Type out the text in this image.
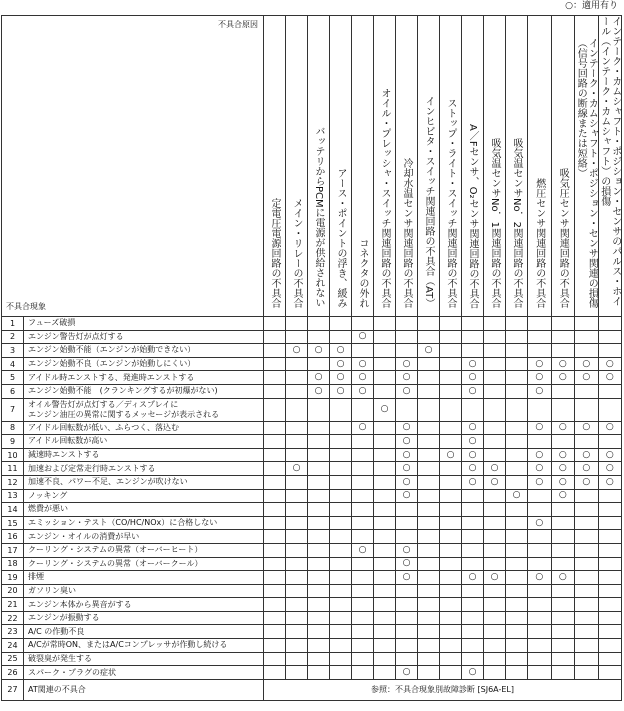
○：適用有り
不具合原因
不具合現象		定電圧電源回路の不具合	メイン・リレーの不具合	バッテリからPCMに電源が供給されない	アース・ポイントの浮き、緩み	コネクタの外れ	オイル・プレッシャ・スイッチ関連回路の不具合	冷却水温センサ関連回路の不具合	インヒビタ・スイッチ関連回路の不具合（AT）	ストップ・ライト・スイッチ関連回路の不具合	A／Fセンサ、O₂センサ関連回路の不具合	吸気温センサNo．1関連回路の不具合	吸気温センサNo．2関連回路の不具合	燃圧センサ関連回路の不具合	吸気圧センサ関連回路の不具合	インテーク・カムシャフト・ポジション・センサ関連の損傷
（信号回路の断線または短絡）	インテーク・カムシャフト・ポジション・センサのパルス・ホイール（インテーク・カムシャフト）の損傷
1	フューズ破損																
2	エンジン警告灯が点灯する					○											
3	エンジン始動不能（エンジンが始動できない）		○	○	○				○								
4	エンジン始動不良（エンジンが始動しにくい）				○	○		○			○			○	○	○	○
5	アイドル時エンストする、発進時エンストする			○	○	○		○			○			○	○	○	○
6	エンジン始動不能　(クランキングするが初爆がない)			○	○	○		○			○			○			
7	オイル警告灯が点灯する／ディスプレイに
エンジン油圧の異常に関するメッセージが表示される						○										
8	アイドル回転数が低い、ふらつく、落込む					○		○			○			○	○	○	○
9	アイドル回転数が高い							○			○						
10	減速時エンストする							○		○	○			○	○	○	○
11	加速および定常走行時エンストする		○					○			○	○		○	○	○	○
12	加速不良、パワー不足、エンジンが吹けない							○			○	○		○	○	○	○
13	ノッキング							○					○		○		
14	燃費が悪い																
15	エミッション・テスト（CO/HC/NOx）に合格しない													○			
16	エンジン・オイルの消費が早い																
17	クーリング・システムの異常（オーバーヒート）					○		○									
18	クーリング・システムの異常（オーバークール）							○									
19	排煙							○			○	○		○	○		
20	ガソリン臭い																
21	エンジン本体から異音がする																
22	エンジンが振動する																
23	A/C の作動不良																
24	A/Cが常時ON、またはA/Cコンプレッサが作動し続ける																
25	破裂臭が発生する																
26	スパーク・プラグの症状							○			○						
27	AT関連の不具合	参照：不具合現象別故障診断 [SJ6A-EL]															
